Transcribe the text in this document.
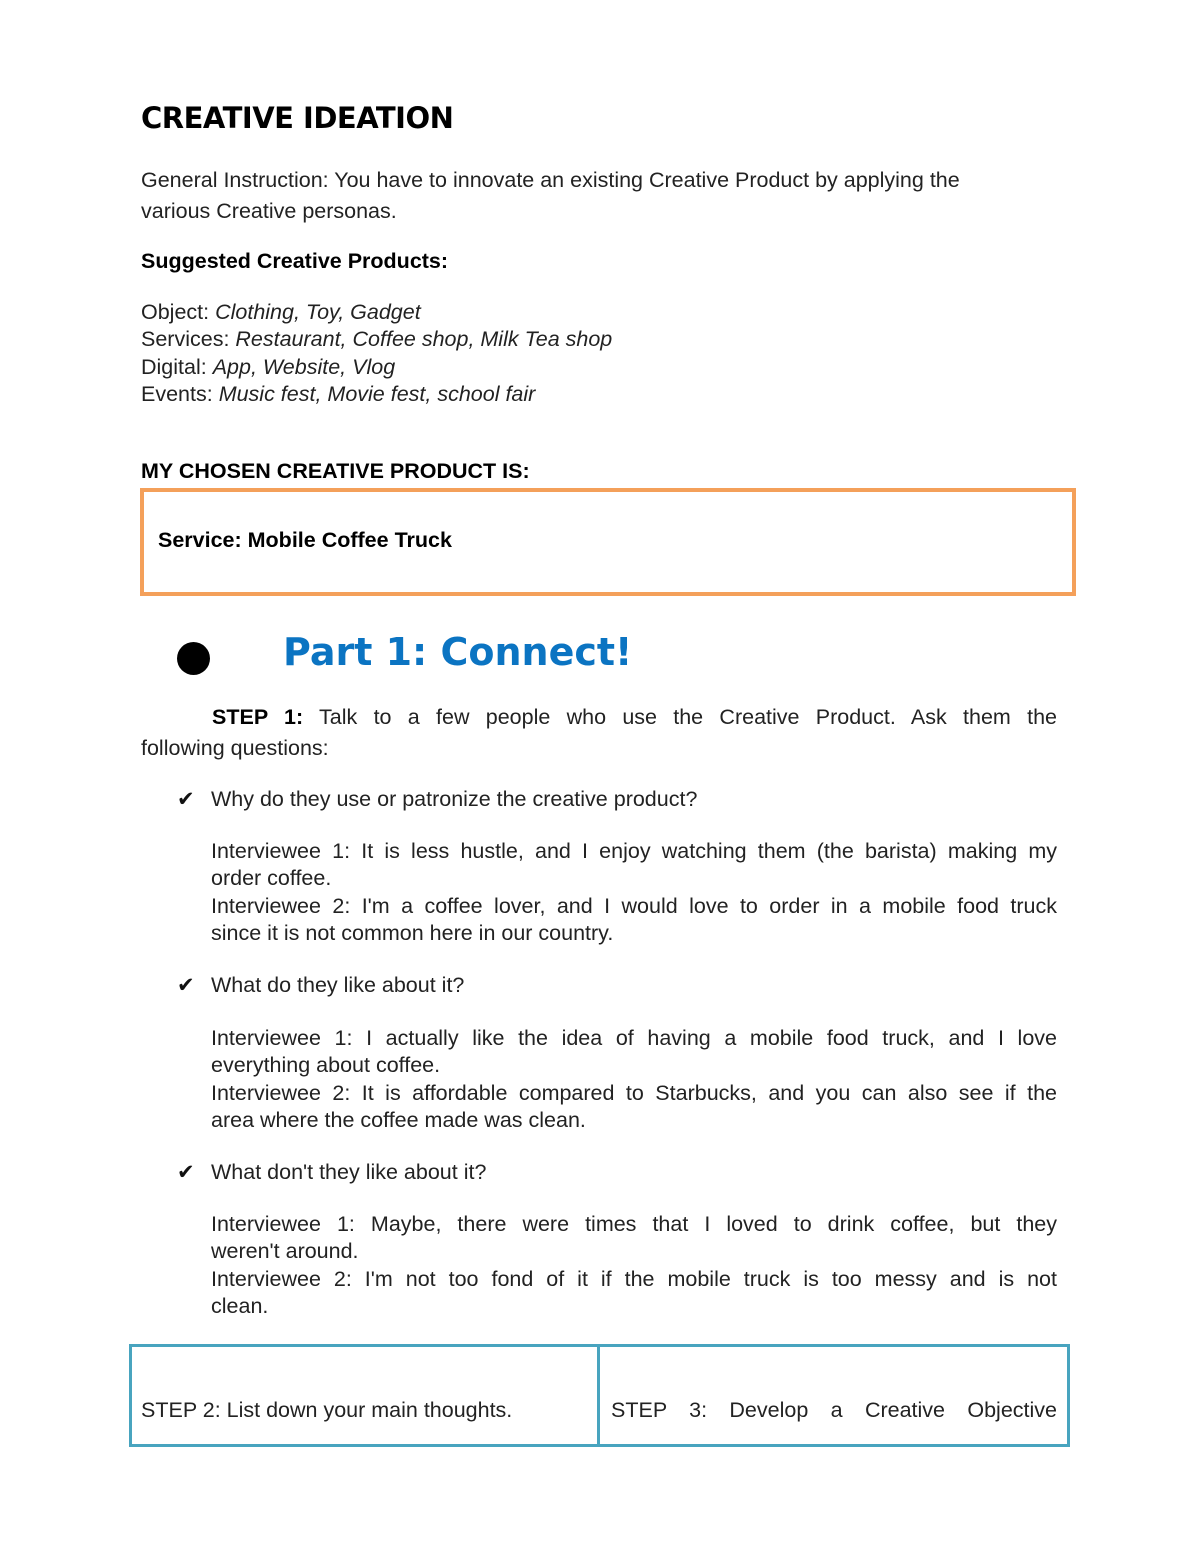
CREATIVE IDEATION
General Instruction: You have to innovate an existing Creative Product by applying the
various Creative personas.
Suggested Creative Products:
Object: Clothing, Toy, Gadget
Services: Restaurant, Coffee shop, Milk Tea shop
Digital: App, Website, Vlog
Events: Music fest, Movie fest, school fair
MY CHOSEN CREATIVE PRODUCT IS:
Service: Mobile Coffee Truck
Part 1: Connect!
STEP 1: Talk to a few people who use the Creative Product. Ask them the
following questions:
✔ Why do they use or patronize the creative product?
Interviewee 1: It is less hustle, and I enjoy watching them (the barista) making my
order coffee.
Interviewee 2: I'm a coffee lover, and I would love to order in a mobile food truck
since it is not common here in our country.
✔ What do they like about it?
Interviewee 1: I actually like the idea of having a mobile food truck, and I love
everything about coffee.
Interviewee 2: It is affordable compared to Starbucks, and you can also see if the
area where the coffee made was clean.
✔ What don't they like about it?
Interviewee 1: Maybe, there were times that I loved to drink coffee, but they
weren't around.
Interviewee 2: I'm not too fond of it if the mobile truck is too messy and is not
clean.
STEP 2: List down your main thoughts.	STEP 3: Develop a Creative Objective
